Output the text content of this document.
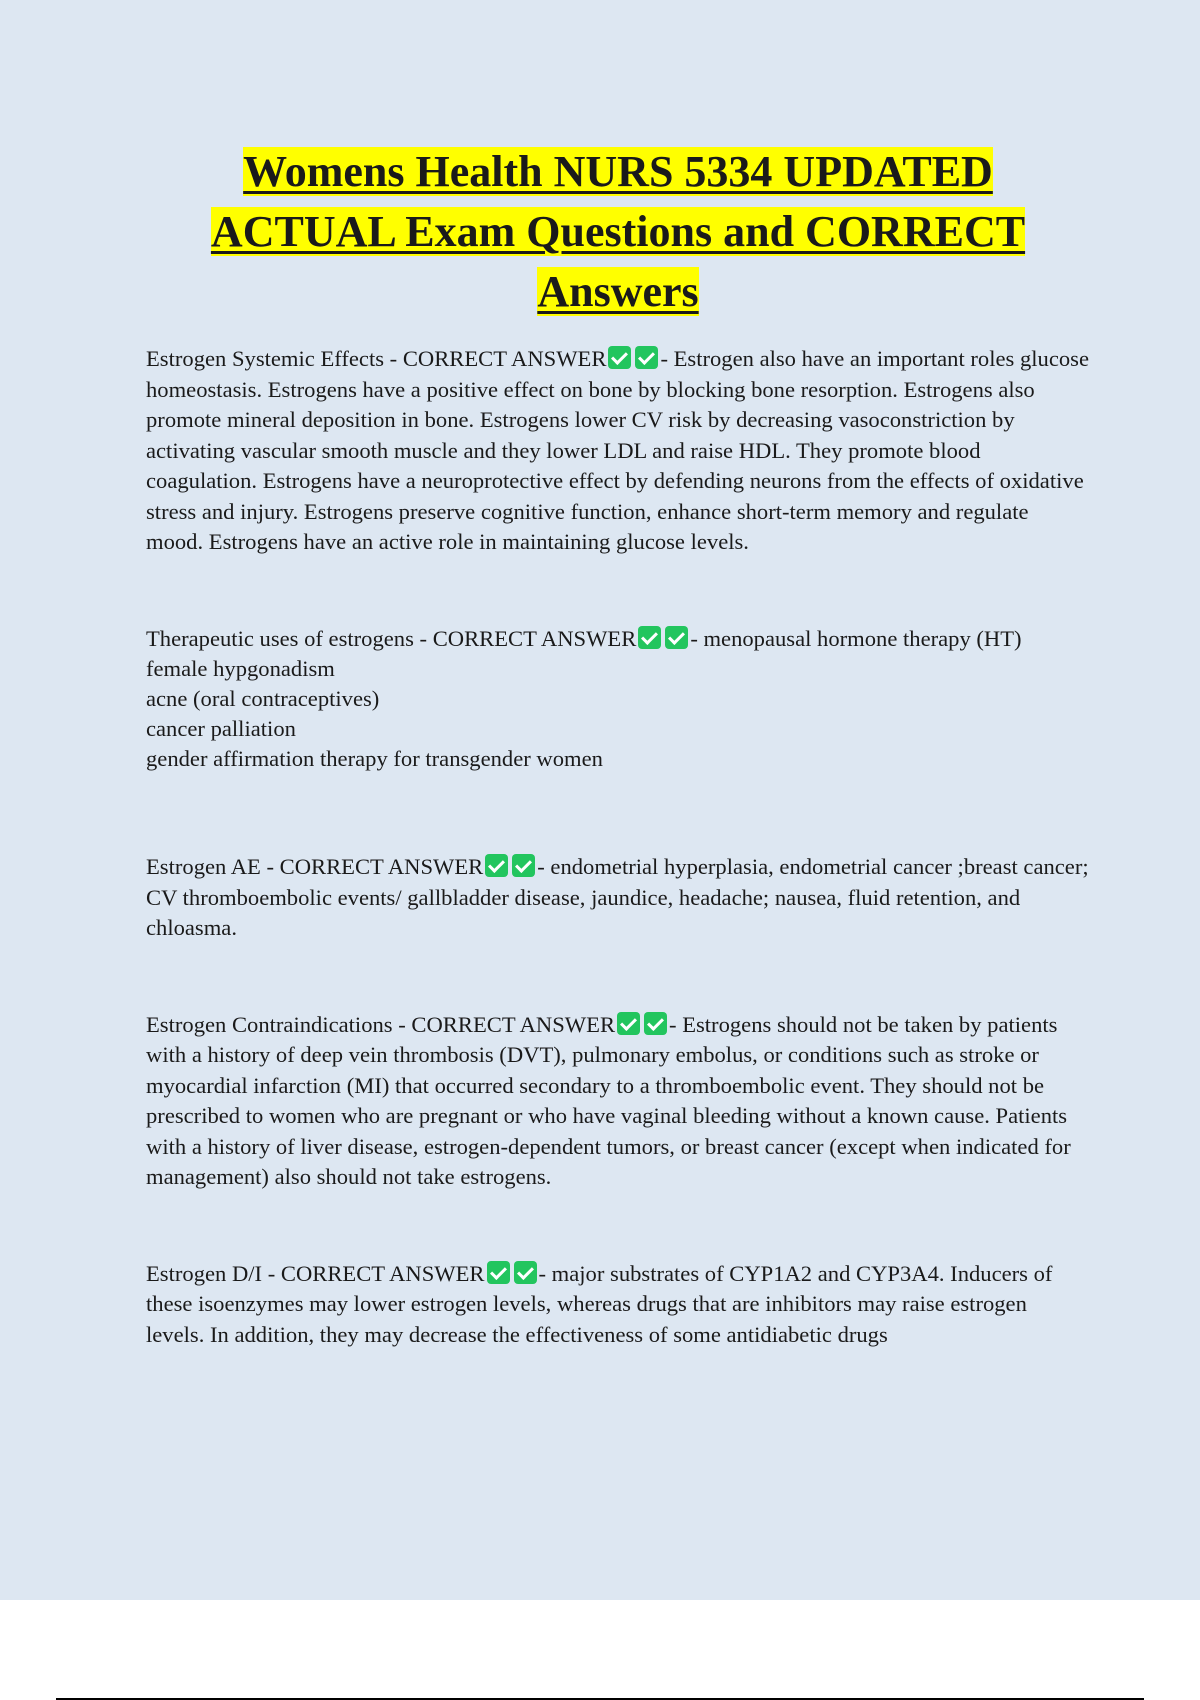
Womens Health NURS 5334 UPDATED ACTUAL Exam Questions and CORRECT Answers

Estrogen Systemic Effects - CORRECT ANSWER - Estrogen also have an important roles glucose homeostasis. Estrogens have a positive effect on bone by blocking bone resorption. Estrogens also promote mineral deposition in bone. Estrogens lower CV risk by decreasing vasoconstriction by activating vascular smooth muscle and they lower LDL and raise HDL. They promote blood coagulation. Estrogens have a neuroprotective effect by defending neurons from the effects of oxidative stress and injury. Estrogens preserve cognitive function, enhance short-term memory and regulate mood. Estrogens have an active role in maintaining glucose levels.

Therapeutic uses of estrogens - CORRECT ANSWER - menopausal hormone therapy (HT)

female hypgonadism

acne (oral contraceptives)

cancer palliation

gender affirmation therapy for transgender women

Estrogen AE - CORRECT ANSWER - endometrial hyperplasia, endometrial cancer ;breast cancer; CV thromboembolic events/ gallbladder disease, jaundice, headache; nausea, fluid retention, and chloasma.

Estrogen Contraindications - CORRECT ANSWER - Estrogens should not be taken by patients with a history of deep vein thrombosis (DVT), pulmonary embolus, or conditions such as stroke or myocardial infarction (MI) that occurred secondary to a thromboembolic event. They should not be prescribed to women who are pregnant or who have vaginal bleeding without a known cause. Patients with a history of liver disease, estrogen-dependent tumors, or breast cancer (except when indicated for management) also should not take estrogens.

Estrogen D/I - CORRECT ANSWER - major substrates of CYP1A2 and CYP3A4. Inducers of these isoenzymes may lower estrogen levels, whereas drugs that are inhibitors may raise estrogen levels. In addition, they may decrease the effectiveness of some antidiabetic drugs
